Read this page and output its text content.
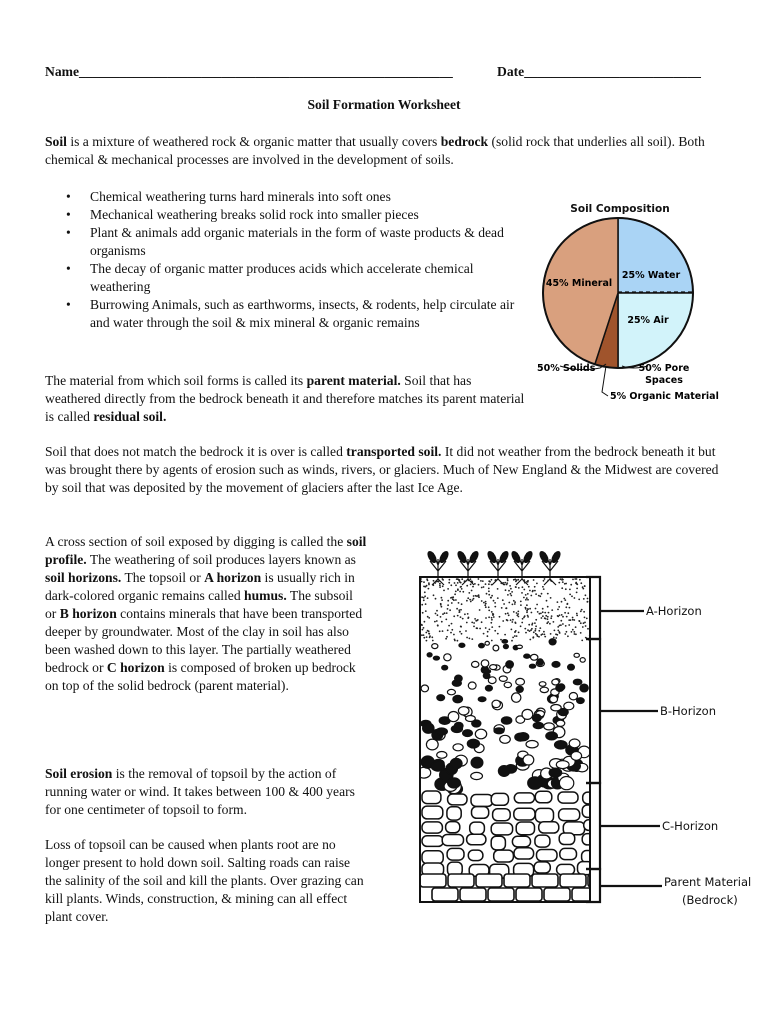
Name_______________________________________________________	Date__________________________
Soil Formation Worksheet
Soil is a mixture of weathered rock & organic matter that usually covers bedrock (solid rock that underlies all soil). Both chemical & mechanical processes are involved in the development of soils.
• Chemical weathering turns hard minerals into soft ones
• Mechanical weathering breaks solid rock into smaller pieces
• Plant & animals add organic materials in the form of waste products & dead organisms
• The decay of organic matter produces acids which accelerate chemical weathering
• Burrowing Animals, such as earthworms, insects, & rodents, help circulate air and water through the soil & mix mineral & organic remains
Soil Composition
25% Water
25% Air
45% Mineral
50% Solids	50% Pore
Spaces
5% Organic Material
The material from which soil forms is called its parent material. Soil that has weathered directly from the bedrock beneath it and therefore matches its parent material is called residual soil.
Soil that does not match the bedrock it is over is called transported soil. It did not weather from the bedrock beneath it but was brought there by agents of erosion such as winds, rivers, or glaciers. Much of New England & the Midwest are covered by soil that was deposited by the movement of glaciers after the last Ice Age.
A cross section of soil exposed by digging is called the soil profile. The weathering of soil produces layers known as soil horizons. The topsoil or A horizon is usually rich in dark-colored organic remains called humus. The subsoil or B horizon contains minerals that have been transported deeper by groundwater. Most of the clay in soil has also been washed down to this layer. The partially weathered bedrock or C horizon is composed of broken up bedrock on top of the solid bedrock (parent material).
Soil erosion is the removal of topsoil by the action of running water or wind. It takes between 100 & 400 years for one centimeter of topsoil to form.
Loss of topsoil can be caused when plants root are no longer present to hold down soil. Salting roads can raise the salinity of the soil and kill the plants. Over grazing can kill plants. Winds, construction, & mining can all effect plant cover.
A-Horizon
B-Horizon
C-Horizon
Parent Material
(Bedrock)
